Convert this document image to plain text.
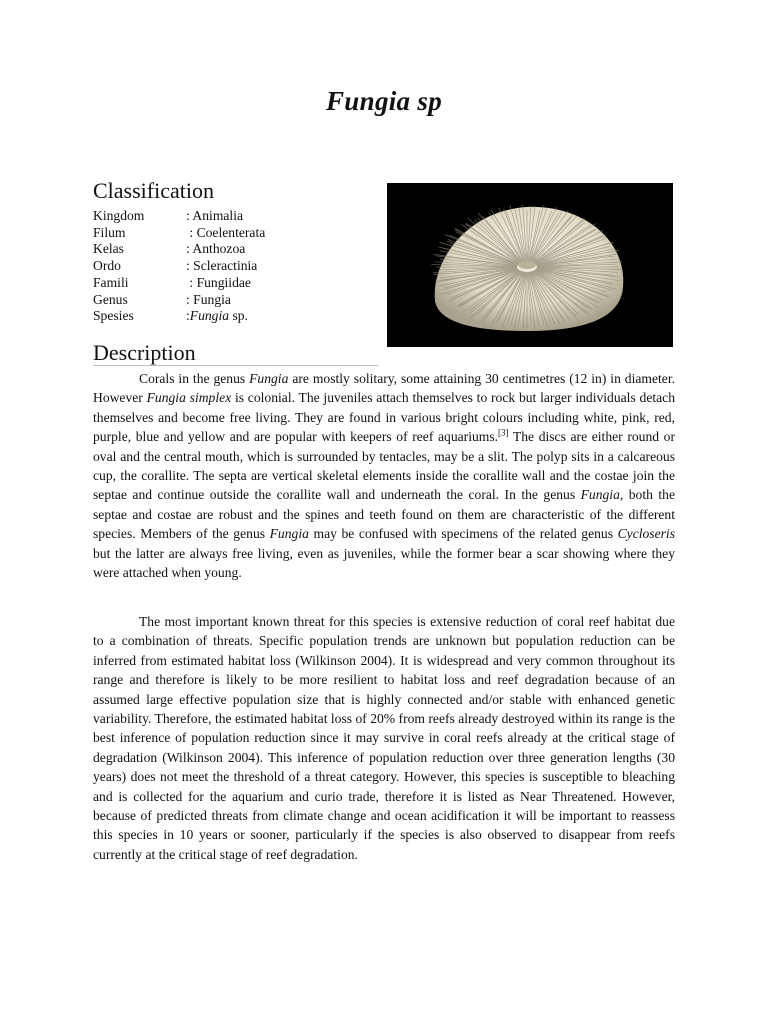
Fungia sp
Classification
Kingdom	: Animalia
Filum	: Coelenterata
Kelas	: Anthozoa
Ordo	: Scleractinia
Famili	: Fungiidae
Genus	: Fungia
Spesies	:Fungia sp.
Description

Corals in the genus Fungia are mostly solitary, some attaining 30 centimetres (12 in) in diameter. However Fungia simplex is colonial. The juveniles attach themselves to rock but larger individuals detach themselves and become free living. They are found in various bright colours including white, pink, red, purple, blue and yellow and are popular with keepers of reef aquariums.[3] The discs are either round or oval and the central mouth, which is surrounded by tentacles, may be a slit. The polyp sits in a calcareous cup, the corallite. The septa are vertical skeletal elements inside the corallite wall and the costae join the septae and continue outside the corallite wall and underneath the coral. In the genus Fungia, both the septae and costae are robust and the spines and teeth found on them are characteristic of the different species. Members of the genus Fungia may be confused with specimens of the related genus Cycloseris but the latter are always free living, even as juveniles, while the former bear a scar showing where they were attached when young.

The most important known threat for this species is extensive reduction of coral reef habitat due to a combination of threats. Specific population trends are unknown but population reduction can be inferred from estimated habitat loss (Wilkinson 2004). It is widespread and very common throughout its range and therefore is likely to be more resilient to habitat loss and reef degradation because of an assumed large effective population size that is highly connected and/or stable with enhanced genetic variability. Therefore, the estimated habitat loss of 20% from reefs already destroyed within its range is the best inference of population reduction since it may survive in coral reefs already at the critical stage of degradation (Wilkinson 2004). This inference of population reduction over three generation lengths (30 years) does not meet the threshold of a threat category. However, this species is susceptible to bleaching and is collected for the aquarium and curio trade, therefore it is listed as Near Threatened. However, because of predicted threats from climate change and ocean acidification it will be important to reassess this species in 10 years or sooner, particularly if the species is also observed to disappear from reefs currently at the critical stage of reef degradation.
